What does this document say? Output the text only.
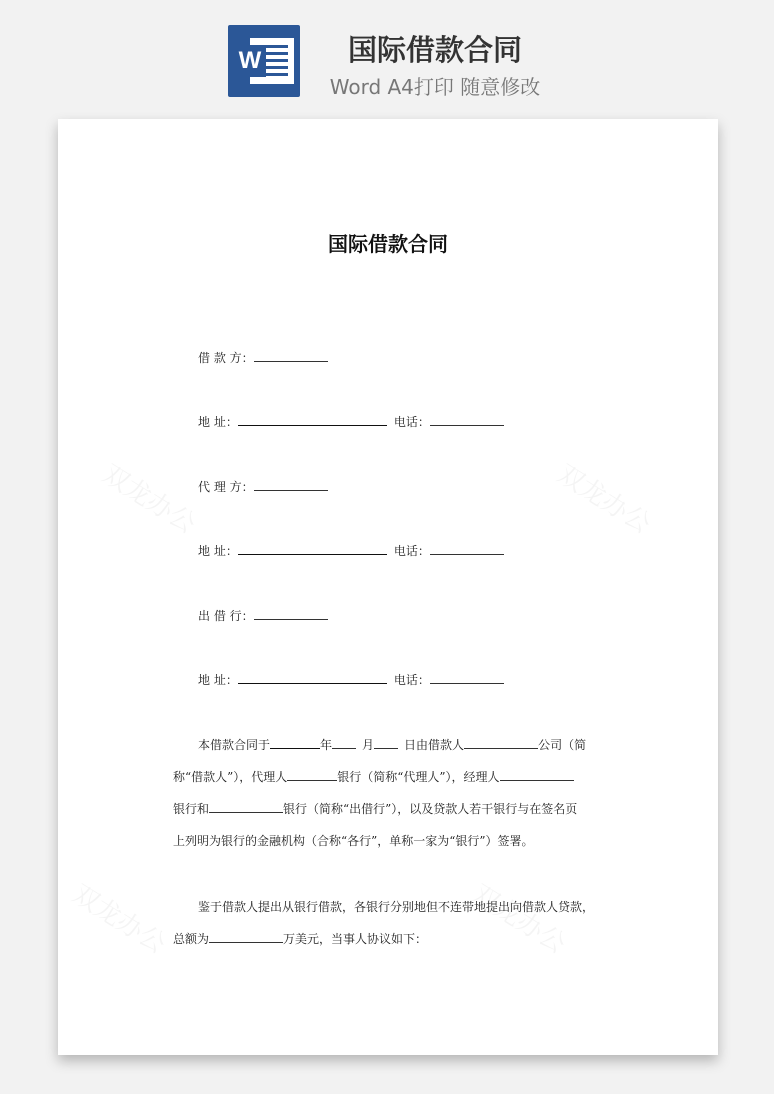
W	国际借款合同
Word A4打印 随意修改
国际借款合同
借 款 方：
地 址：	电话：
代 理 方：
地 址：	电话：
出 借 行：
地 址：	电话：
本借款合同于	年	月	日由借款人	公司（简
称“借款人”），代理人	银行（简称“代理人”），经理人
银行和	银行（简称“出借行”），以及贷款人若干银行与在签名页
上列明为银行的金融机构（合称“各行”，单称一家为“银行”）签署。
鉴于借款人提出从银行借款，各银行分别地但不连带地提出向借款人贷款，
总额为	万美元，当事人协议如下：
